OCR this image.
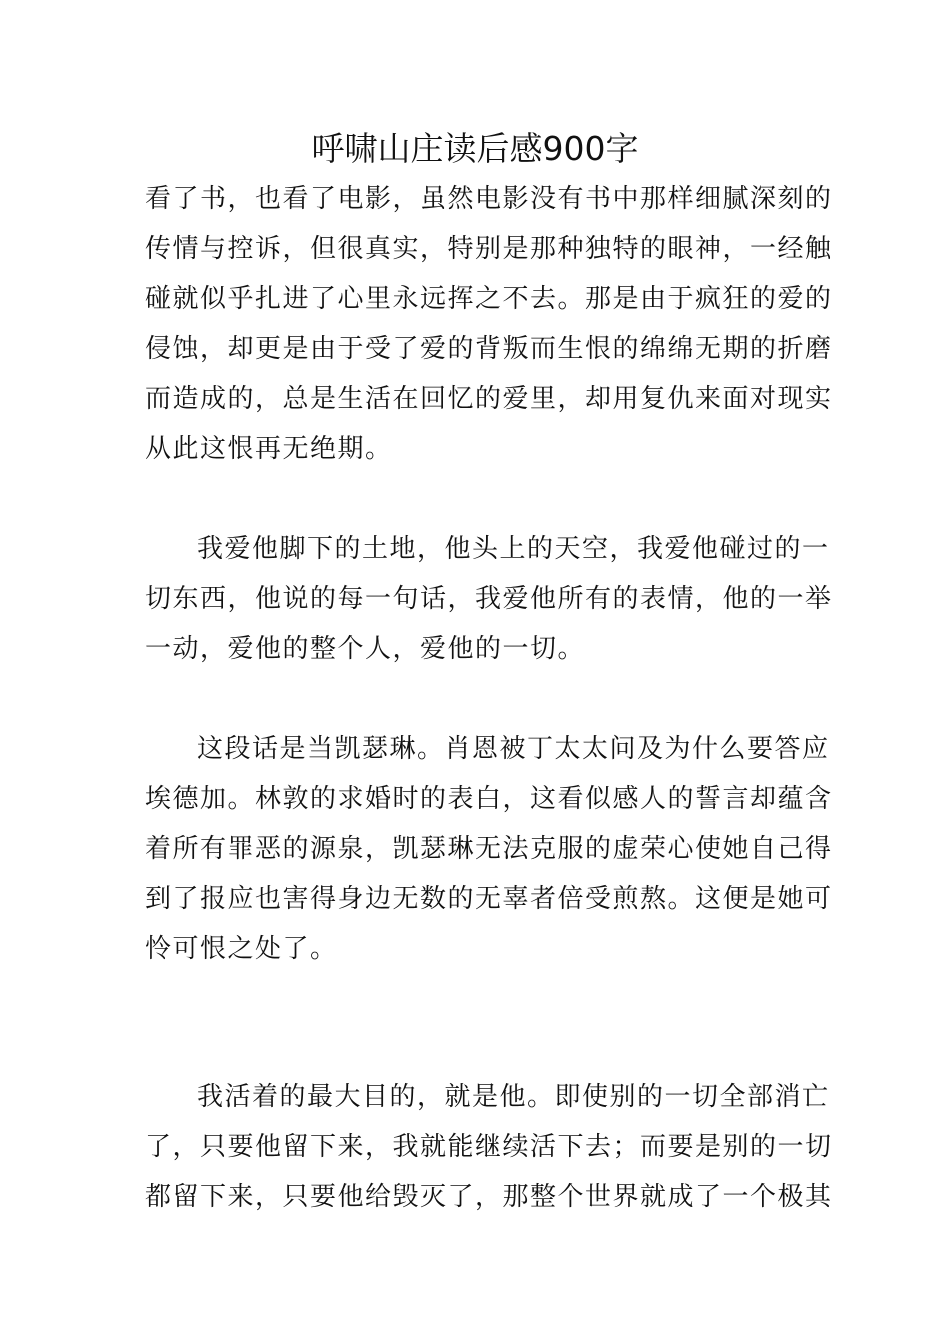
呼啸山庄读后感900字
看了书，也看了电影，虽然电影没有书中那样细腻深刻的
传情与控诉，但很真实，特别是那种独特的眼神，一经触
碰就似乎扎进了心里永远挥之不去。那是由于疯狂的爱的
侵蚀，却更是由于受了爱的背叛而生恨的绵绵无期的折磨
而造成的，总是生活在回忆的爱里，却用复仇来面对现实
从此这恨再无绝期。
我爱他脚下的土地，他头上的天空，我爱他碰过的一
切东西，他说的每一句话，我爱他所有的表情，他的一举
一动，爱他的整个人，爱他的一切。
这段话是当凯瑟琳。肖恩被丁太太问及为什么要答应
埃德加。林敦的求婚时的表白，这看似感人的誓言却蕴含
着所有罪恶的源泉，凯瑟琳无法克服的虚荣心使她自己得
到了报应也害得身边无数的无辜者倍受煎熬。这便是她可
怜可恨之处了。
我活着的最大目的，就是他。即使别的一切全部消亡
了，只要他留下来，我就能继续活下去；而要是别的一切
都留下来，只要他给毁灭了，那整个世界就成了一个极其
